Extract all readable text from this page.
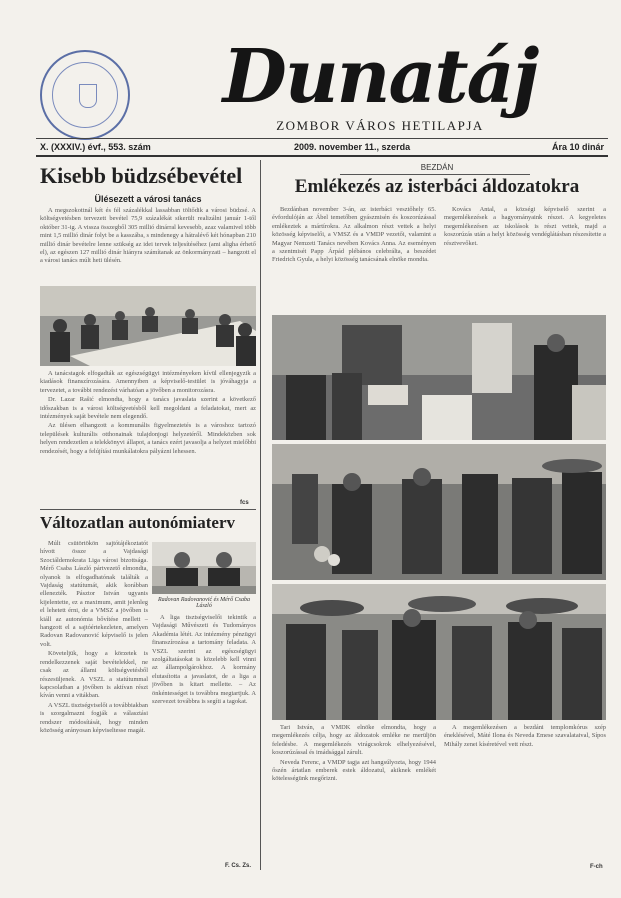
Dunatáj
ZOMBOR VÁROS HETILAPJA
X. (XXXIV.) évf., 553. szám	2009. november 11., szerda	Ára 10 dinár
Kisebb büdzsébevétel
Ülésezett a városi tanács

A megszokottnál két és fél százalékkal lassabban töltődik a városi büdzsé. A költségvetésben tervezett bevétel 75,9 százalékát sikerült realizálni január 1-től október 31-ig. A vissza összegből 305 millió dinárral kevesebb, azaz valamivel több mint 1,5 millió dinár folyt be a kasszába, s mindenegy a hátralévő két hónapban 210 millió dinár bevételre lenne szükség az idei tervek teljesítéséhez (ami aligha érhető el), az egészen 127 millió dinár hiányra számítanak az önkormányzati – hangzott el a városi tanács múlt heti ülésén.

A tanácstagok elfogadták az egészségügyi intézményeken kívül ellenjegyzik a kiadások finanszírozására. Amennyiben a képviselő-testület is jóváhagyja a tervezetet, a további rendezést várhatóan a jövőben a monitorozásra.

Dr. Lazar Rašić elmondta, hogy a tanács javaslata szerint a következő időszakban is a városi költségvetésből kell megoldani a feladatokat, mert az intézmények saját bevétele nem elegendő.

Az ülésen elhangzott a kommunális figyelmeztetés is a városhoz tartozó települések kulturális otthonainak tulajdonjogi helyzetéről. Mindeközben sok helyen rendezetlen a telekkönyvi állapot, a tanács ezért javasolja a helyzet mielőbbi rendezését, hogy a felújítási munkálatokra pályázni lehessen.

fcs
Változatlan autonómiaterv

Múlt csütörtökön sajtótájékoztatót hívott össze a Vajdasági Szociáldemokrata Liga városi bizottsága. Mérő Csaba László pártvezető elmondta, olyanok is elfogadhatónak találták a Vajdaság statútumát, akik korábban ellenezték. Pásztor István ugyanis kijelentette, ez a maximum, amit jelenleg el lehetett érni, de a VMSZ a jövőben is kiáll az autonómia bővítése mellett – hangzott el a sajtóértekezleten, amelyen Radovan Radovanović képviselő is jelen volt.

Követeljük, hogy a körzetek is rendelkezzenek saját bevételekkel, ne csak az állami költségvetésből részesüljenek. A VSZL a statútummal kapcsolatban a jövőben is aktívan részt kíván venni a vitákban.

A VSZL tisztségviselői a továbbiakban is szorgalmazni fogják a választási rendszer módosítását, hogy minden közösség arányosan képviseltesse magát.

Radovan Radovanović és Mérő Csaba László

A liga tisztségviselői tekintik a Vajdasági Művészeti és Tudományos Akadémia létét. Az intézmény pénzügyi finanszírozása a tartomány feladata. A VSZL szerint az egészségügyi szolgáltatásokat is közelebb kell vinni az állampolgárokhoz. A kormány elutasította a javaslatot, de a liga a jövőben is kitart mellette. – Az önkéntességet is továbbra megtartjuk. A szervezet továbbra is segíti a tagokat.

F. Cs. Zs.
BEZDÁN
Emlékezés az isterbáci áldozatokra

Bezdánban november 3-án, az isterbáci vesztőhely 65. évfordulóján az Ábel temetőben gyászmisén és koszorúzással emlékeztek a mártírokra. Az alkalmon részt vettek a helyi közösség képviselői, a VMSZ és a VMDP vezetői, valamint a Magyar Nemzeti Tanács nevében Kovács Anna. Az eseményen a szentmisét Papp Árpád plébános celebrálta, a beszédet Friedrich Gyula, a helyi közösség tanácsának elnöke mondta.

Kovács Antal, a községi képviselő szerint a megemlékezések a hagyományaink részei. A kegyeletes megemlékezésen az iskolások is részt vettek, majd a koszorúzás után a helyi közösség vendéglátásban részesítette a résztvevőket.

Tari István, a VMDK elnöke elmondta, hogy a megemlékezés célja, hogy az áldozatok emléke ne merüljön feledésbe. A megemlékezés virágcsokrok elhelyezésével, koszorúzással és imádsággal zárult.

Neveda Ferenc, a VMDP tagja azt hangsúlyozta, hogy 1944 őszén ártatlan emberek estek áldozatul, akiknek emlékét kötelességünk megőrizni.

A megemlékezésen a bezdáni templomkórus szép éneklésével, Máté Ilona és Neveda Emese szavalataival, Sípos Mihály zenei kíséretével vett részt.

F-ch
